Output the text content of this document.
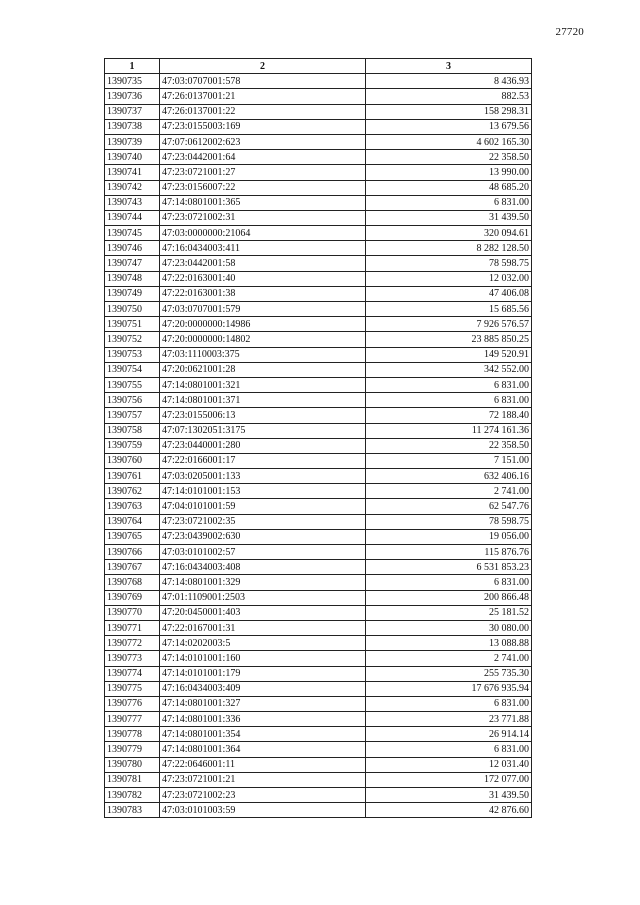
27720
1	2	3
1390735	47:03:0707001:578	8 436.93
1390736	47:26:0137001:21	882.53
1390737	47:26:0137001:22	158 298.31
1390738	47:23:0155003:169	13 679.56
1390739	47:07:0612002:623	4 602 165.30
1390740	47:23:0442001:64	22 358.50
1390741	47:23:0721001:27	13 990.00
1390742	47:23:0156007:22	48 685.20
1390743	47:14:0801001:365	6 831.00
1390744	47:23:0721002:31	31 439.50
1390745	47:03:0000000:21064	320 094.61
1390746	47:16:0434003:411	8 282 128.50
1390747	47:23:0442001:58	78 598.75
1390748	47:22:0163001:40	12 032.00
1390749	47:22:0163001:38	47 406.08
1390750	47:03:0707001:579	15 685.56
1390751	47:20:0000000:14986	7 926 576.57
1390752	47:20:0000000:14802	23 885 850.25
1390753	47:03:1110003:375	149 520.91
1390754	47:20:0621001:28	342 552.00
1390755	47:14:0801001:321	6 831.00
1390756	47:14:0801001:371	6 831.00
1390757	47:23:0155006:13	72 188.40
1390758	47:07:1302051:3175	11 274 161.36
1390759	47:23:0440001:280	22 358.50
1390760	47:22:0166001:17	7 151.00
1390761	47:03:0205001:133	632 406.16
1390762	47:14:0101001:153	2 741.00
1390763	47:04:0101001:59	62 547.76
1390764	47:23:0721002:35	78 598.75
1390765	47:23:0439002:630	19 056.00
1390766	47:03:0101002:57	115 876.76
1390767	47:16:0434003:408	6 531 853.23
1390768	47:14:0801001:329	6 831.00
1390769	47:01:1109001:2503	200 866.48
1390770	47:20:0450001:403	25 181.52
1390771	47:22:0167001:31	30 080.00
1390772	47:14:0202003:5	13 088.88
1390773	47:14:0101001:160	2 741.00
1390774	47:14:0101001:179	255 735.30
1390775	47:16:0434003:409	17 676 935.94
1390776	47:14:0801001:327	6 831.00
1390777	47:14:0801001:336	23 771.88
1390778	47:14:0801001:354	26 914.14
1390779	47:14:0801001:364	6 831.00
1390780	47:22:0646001:11	12 031.40
1390781	47:23:0721001:21	172 077.00
1390782	47:23:0721002:23	31 439.50
1390783	47:03:0101003:59	42 876.60
